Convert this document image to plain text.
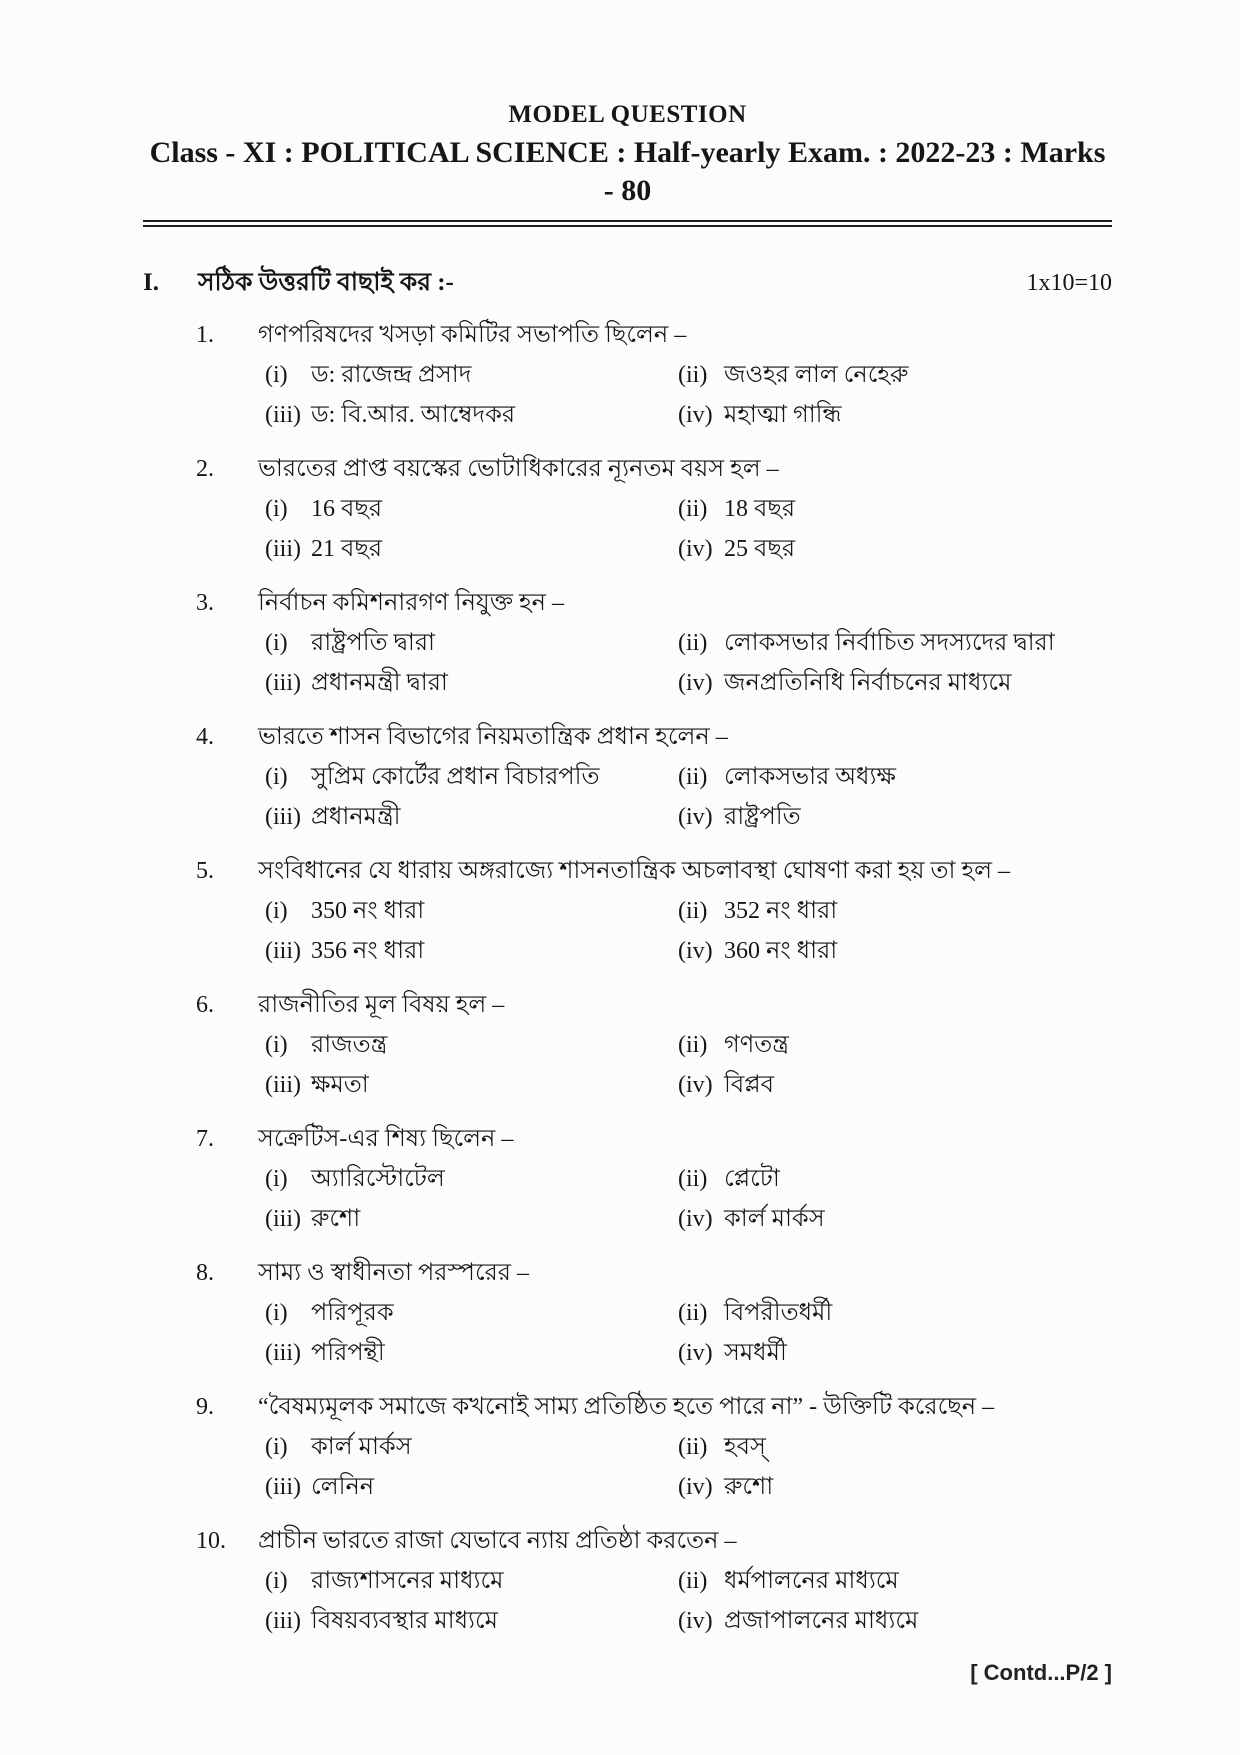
MODEL QUESTION
Class - XI : POLITICAL SCIENCE : Half-yearly Exam. : 2022-23 : Marks - 80
I.	সঠিক উত্তরটি বাছাই কর :-	1x10=10
1.	গণপরিষদের খসড়া কমিটির সভাপতি ছিলেন –
(i) ড: রাজেন্দ্র প্রসাদ	(ii) জওহর লাল নেহেরু
(iii) ড: বি.আর. আম্বেদকর	(iv) মহাত্মা গান্ধি
2.	ভারতের প্রাপ্ত বয়স্কের ভোটাধিকারের ন্যূনতম বয়স হল –
(i) 16 বছর	(ii) 18 বছর
(iii) 21 বছর	(iv) 25 বছর
3.	নির্বাচন কমিশনারগণ নিযুক্ত হন –
(i) রাষ্ট্রপতি দ্বারা	(ii) লোকসভার নির্বাচিত সদস্যদের দ্বারা
(iii) প্রধানমন্ত্রী দ্বারা	(iv) জনপ্রতিনিধি নির্বাচনের মাধ্যমে
4.	ভারতে শাসন বিভাগের নিয়মতান্ত্রিক প্রধান হলেন –
(i) সুপ্রিম কোর্টের প্রধান বিচারপতি	(ii) লোকসভার অধ্যক্ষ
(iii) প্রধানমন্ত্রী	(iv) রাষ্ট্রপতি
5.	সংবিধানের যে ধারায় অঙ্গরাজ্যে শাসনতান্ত্রিক অচলাবস্থা ঘোষণা করা হয় তা হল –
(i) 350 নং ধারা	(ii) 352 নং ধারা
(iii) 356 নং ধারা	(iv) 360 নং ধারা
6.	রাজনীতির মূল বিষয় হল –
(i) রাজতন্ত্র	(ii) গণতন্ত্র
(iii) ক্ষমতা	(iv) বিপ্লব
7.	সক্রেটিস-এর শিষ্য ছিলেন –
(i) অ্যারিস্টোটেল	(ii) প্লেটো
(iii) রুশো	(iv) কার্ল মার্কস
8.	সাম্য ও স্বাধীনতা পরস্পরের –
(i) পরিপূরক	(ii) বিপরীতধর্মী
(iii) পরিপন্থী	(iv) সমধর্মী
9.	“বৈষম্যমূলক সমাজে কখনোই সাম্য প্রতিষ্ঠিত হতে পারে না” - উক্তিটি করেছেন –
(i) কার্ল মার্কস	(ii) হবস্
(iii) লেনিন	(iv) রুশো
10.	প্রাচীন ভারতে রাজা যেভাবে ন্যায় প্রতিষ্ঠা করতেন –
(i) রাজ্যশাসনের মাধ্যমে	(ii) ধর্মপালনের মাধ্যমে
(iii) বিষয়ব্যবস্থার মাধ্যমে	(iv) প্রজাপালনের মাধ্যমে
[ Contd...P/2 ]
